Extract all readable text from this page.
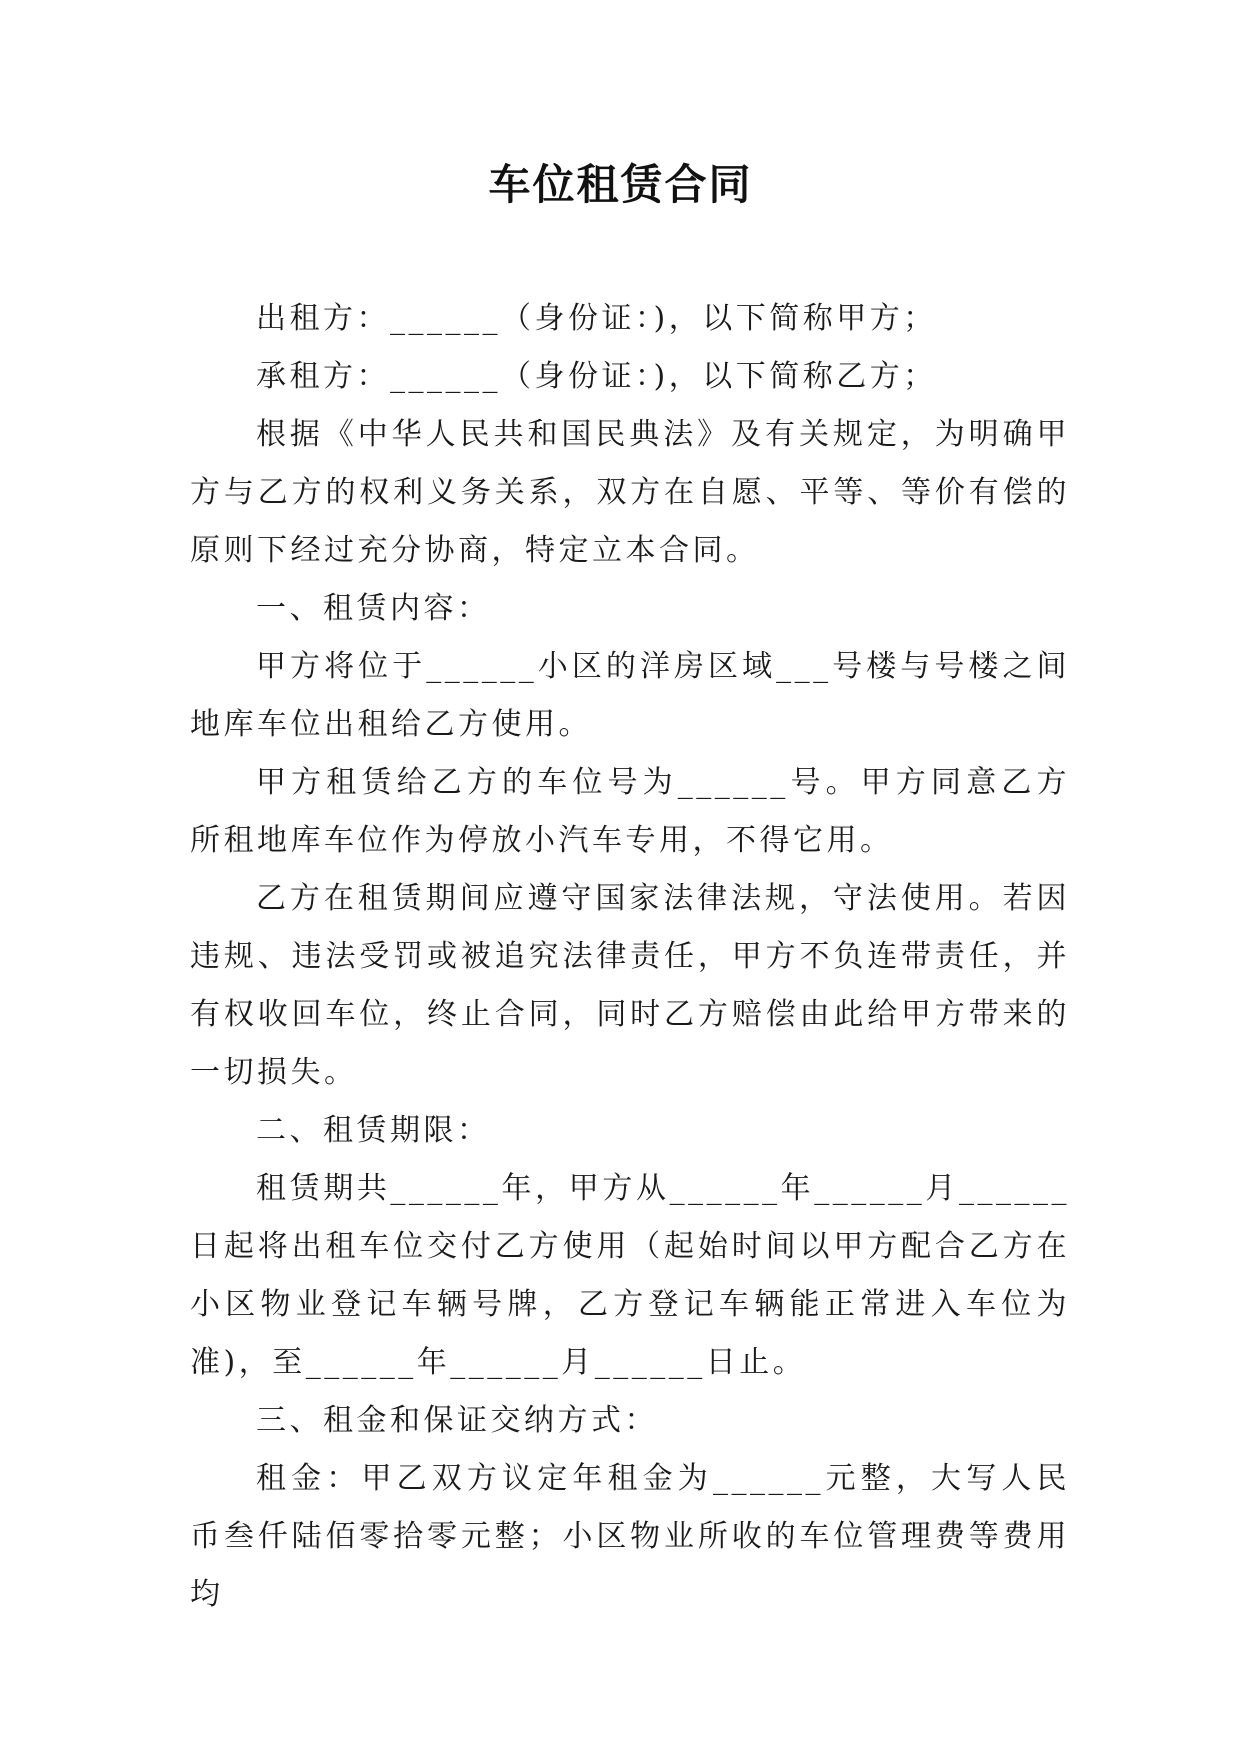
车位租赁合同

出租方：______（身份证：)，以下简称甲方；

承租方：______（身份证：)，以下简称乙方；

根据《中华人民共和国民典法》及有关规定，为明确甲方与乙方的权利义务关系，双方在自愿、平等、等价有偿的原则下经过充分协商，特定立本合同。

一、租赁内容：

甲方将位于______小区的洋房区域___号楼与号楼之间地库车位出租给乙方使用。

甲方租赁给乙方的车位号为______号。甲方同意乙方所租地库车位作为停放小汽车专用，不得它用。

乙方在租赁期间应遵守国家法律法规，守法使用。若因违规、违法受罚或被追究法律责任，甲方不负连带责任，并有权收回车位，终止合同，同时乙方赔偿由此给甲方带来的一切损失。

二、租赁期限：

租赁期共______年，甲方从______年______月______日起将出租车位交付乙方使用（起始时间以甲方配合乙方在小区物业登记车辆号牌，乙方登记车辆能正常进入车位为准)，至______年______月______日止。

三、租金和保证交纳方式：

租金：甲乙双方议定年租金为______元整，大写人民币叁仟陆佰零拾零元整；小区物业所收的车位管理费等费用均
